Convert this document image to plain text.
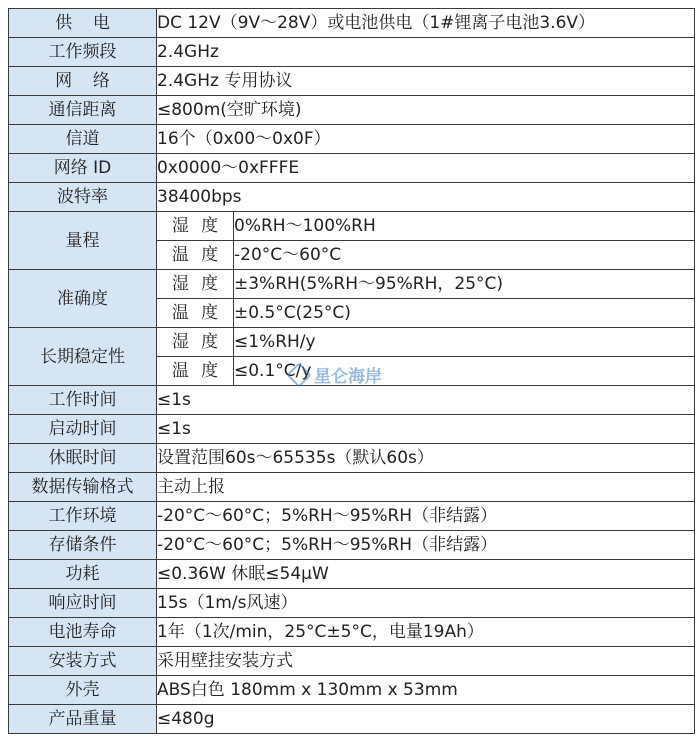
供 电	DC 12V（9V～28V）或电池供电（1#锂离子电池3.6V）	
工作频段	2.4GHz	
网 络	2.4GHz 专用协议	
通信距离	≤800m(空旷环境)	
信道	16个（0x00～0x0F）	
网络 ID	0x0000～0xFFFE	
波特率	38400bps	
量程	湿 度	0%RH～100%RH
	温 度	-20°C～60°C
准确度	湿 度	±3%RH(5%RH～95%RH，25°C)
	温 度	±0.5°C(25°C)
长期稳定性	湿 度	≤1%RH/y
	温 度	≤0.1°C/y
工作时间	≤1s	
启动时间	≤1s	
休眠时间	设置范围60s～65535s（默认60s）	
数据传输格式	主动上报	
工作环境	-20°C～60°C；5%RH～95%RH（非结露）	
存储条件	-20°C～60°C；5%RH～95%RH（非结露）	
功耗	≤0.36W 休眠≤54μW	
响应时间	15s（1m/s风速）	
电池寿命	1年（1次/min，25°C±5°C，电量19Ah）	
安装方式	采用壁挂安装方式	
外壳	ABS白色 180mm x 130mm x 53mm	
产品重量	≤480g	
星仑海岸
